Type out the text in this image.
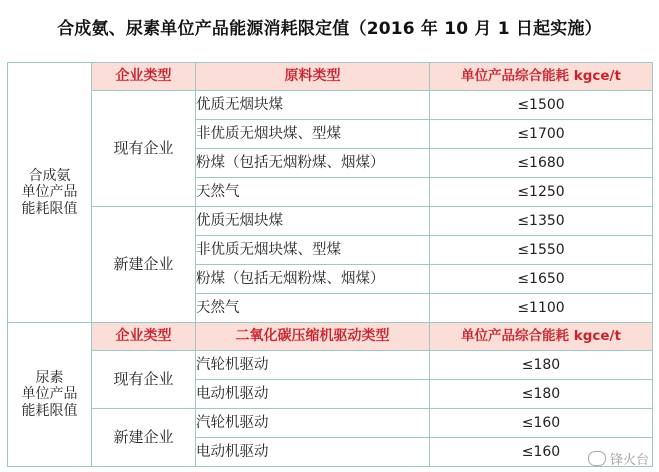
合成氨、尿素单位产品能源消耗限定值（2016 年 10 月 1 日起实施）
合成氨
单位产品
能耗限值	企业类型	原料类型	单位产品综合能耗 kgce/t
	现有企业	优质无烟块煤	≤1500
		非优质无烟块煤、型煤	≤1700
		粉煤（包括无烟粉煤、烟煤）	≤1680
		天然气	≤1250
	新建企业	优质无烟块煤	≤1350
		非优质无烟块煤、型煤	≤1550
		粉煤（包括无烟粉煤、烟煤）	≤1650
		天然气	≤1100

尿素
单位产品
能耗限值	企业类型	二氧化碳压缩机驱动类型	单位产品综合能耗 kgce/t
	现有企业	汽轮机驱动	≤180
		电动机驱动	≤180
	新建企业	汽轮机驱动	≤160
		电动机驱动	≤160
锋火台
